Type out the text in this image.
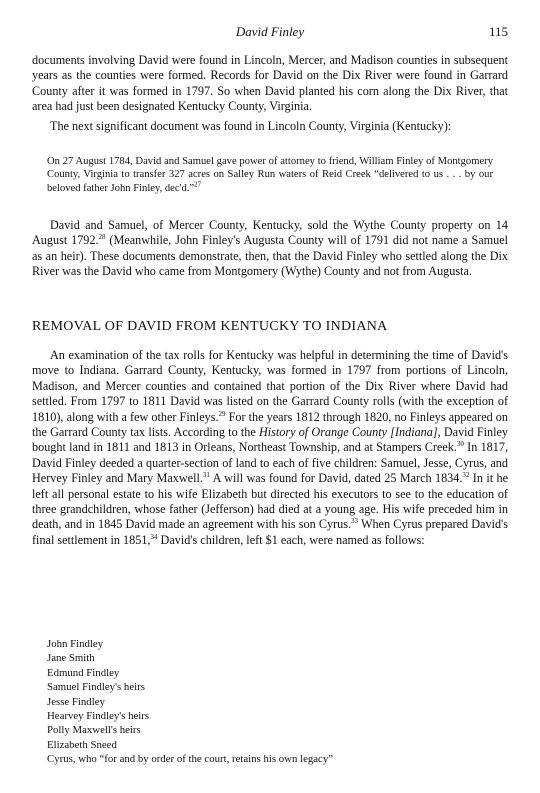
David Finley	115

documents involving David were found in Lincoln, Mercer, and Madison counties in subsequent years as the counties were formed. Records for David on the Dix River were found in Garrard County after it was formed in 1797. So when David planted his corn along the Dix River, that area had just been designated Kentucky County, Virginia.

The next significant document was found in Lincoln County, Virginia (Kentucky):

On 27 August 1784, David and Samuel gave power of attorney to friend, William Finley of Montgomery County, Virginia to transfer 327 acres on Salley Run waters of Reid Creek “delivered to us . . . by our beloved father John Finley, dec'd.”$^{27}$

David and Samuel, of Mercer County, Kentucky, sold the Wythe County property on 14 August 1792.28 (Meanwhile, John Finley's Augusta County will of 1791 did not name a Samuel as an heir). These documents demonstrate, then, that the David Finley who settled along the Dix River was the David who came from Montgomery (Wythe) County and not from Augusta.

REMOVAL OF DAVID FROM KENTUCKY TO INDIANA

An examination of the tax rolls for Kentucky was helpful in determining the time of David's move to Indiana. Garrard County, Kentucky, was formed in 1797 from portions of Lincoln, Madison, and Mercer counties and contained that portion of the Dix River where David had settled. From 1797 to 1811 David was listed on the Garrard County rolls (with the exception of 1810), along with a few other Finleys.$^{29}$ For the years 1812 through 1820, no Finleys appeared on the Garrard County tax lists. According to the History of Orange County [Indiana], David Finley bought land in 1811 and 1813 in Orleans, Northeast Township, and at Stampers Creek.$^{30}$ In 1817, David Finley deeded a quarter-section of land to each of five children: Samuel, Jesse, Cyrus, and Hervey Finley and Mary Maxwell.$^{31}$ A will was found for David, dated 25 March 1834.32 In it he left all personal estate to his wife Elizabeth but directed his executors to see to the education of three grandchildren, whose father (Jefferson) had died at a young age. His wife preceded him in death, and in 1845 David made an agreement with his son Cyrus.$^{33}$ When Cyrus prepared David's final settlement in 1851,34 David's children, left $1 each, were named as follows:

John Findley
Jane Smith
Edmund Findley
Samuel Findley's heirs
Jesse Findley
Hearvey Findley's heirs
Polly Maxwell's heirs
Elizabeth Sneed
Cyrus, who “for and by order of the court, retains his own legacy”
